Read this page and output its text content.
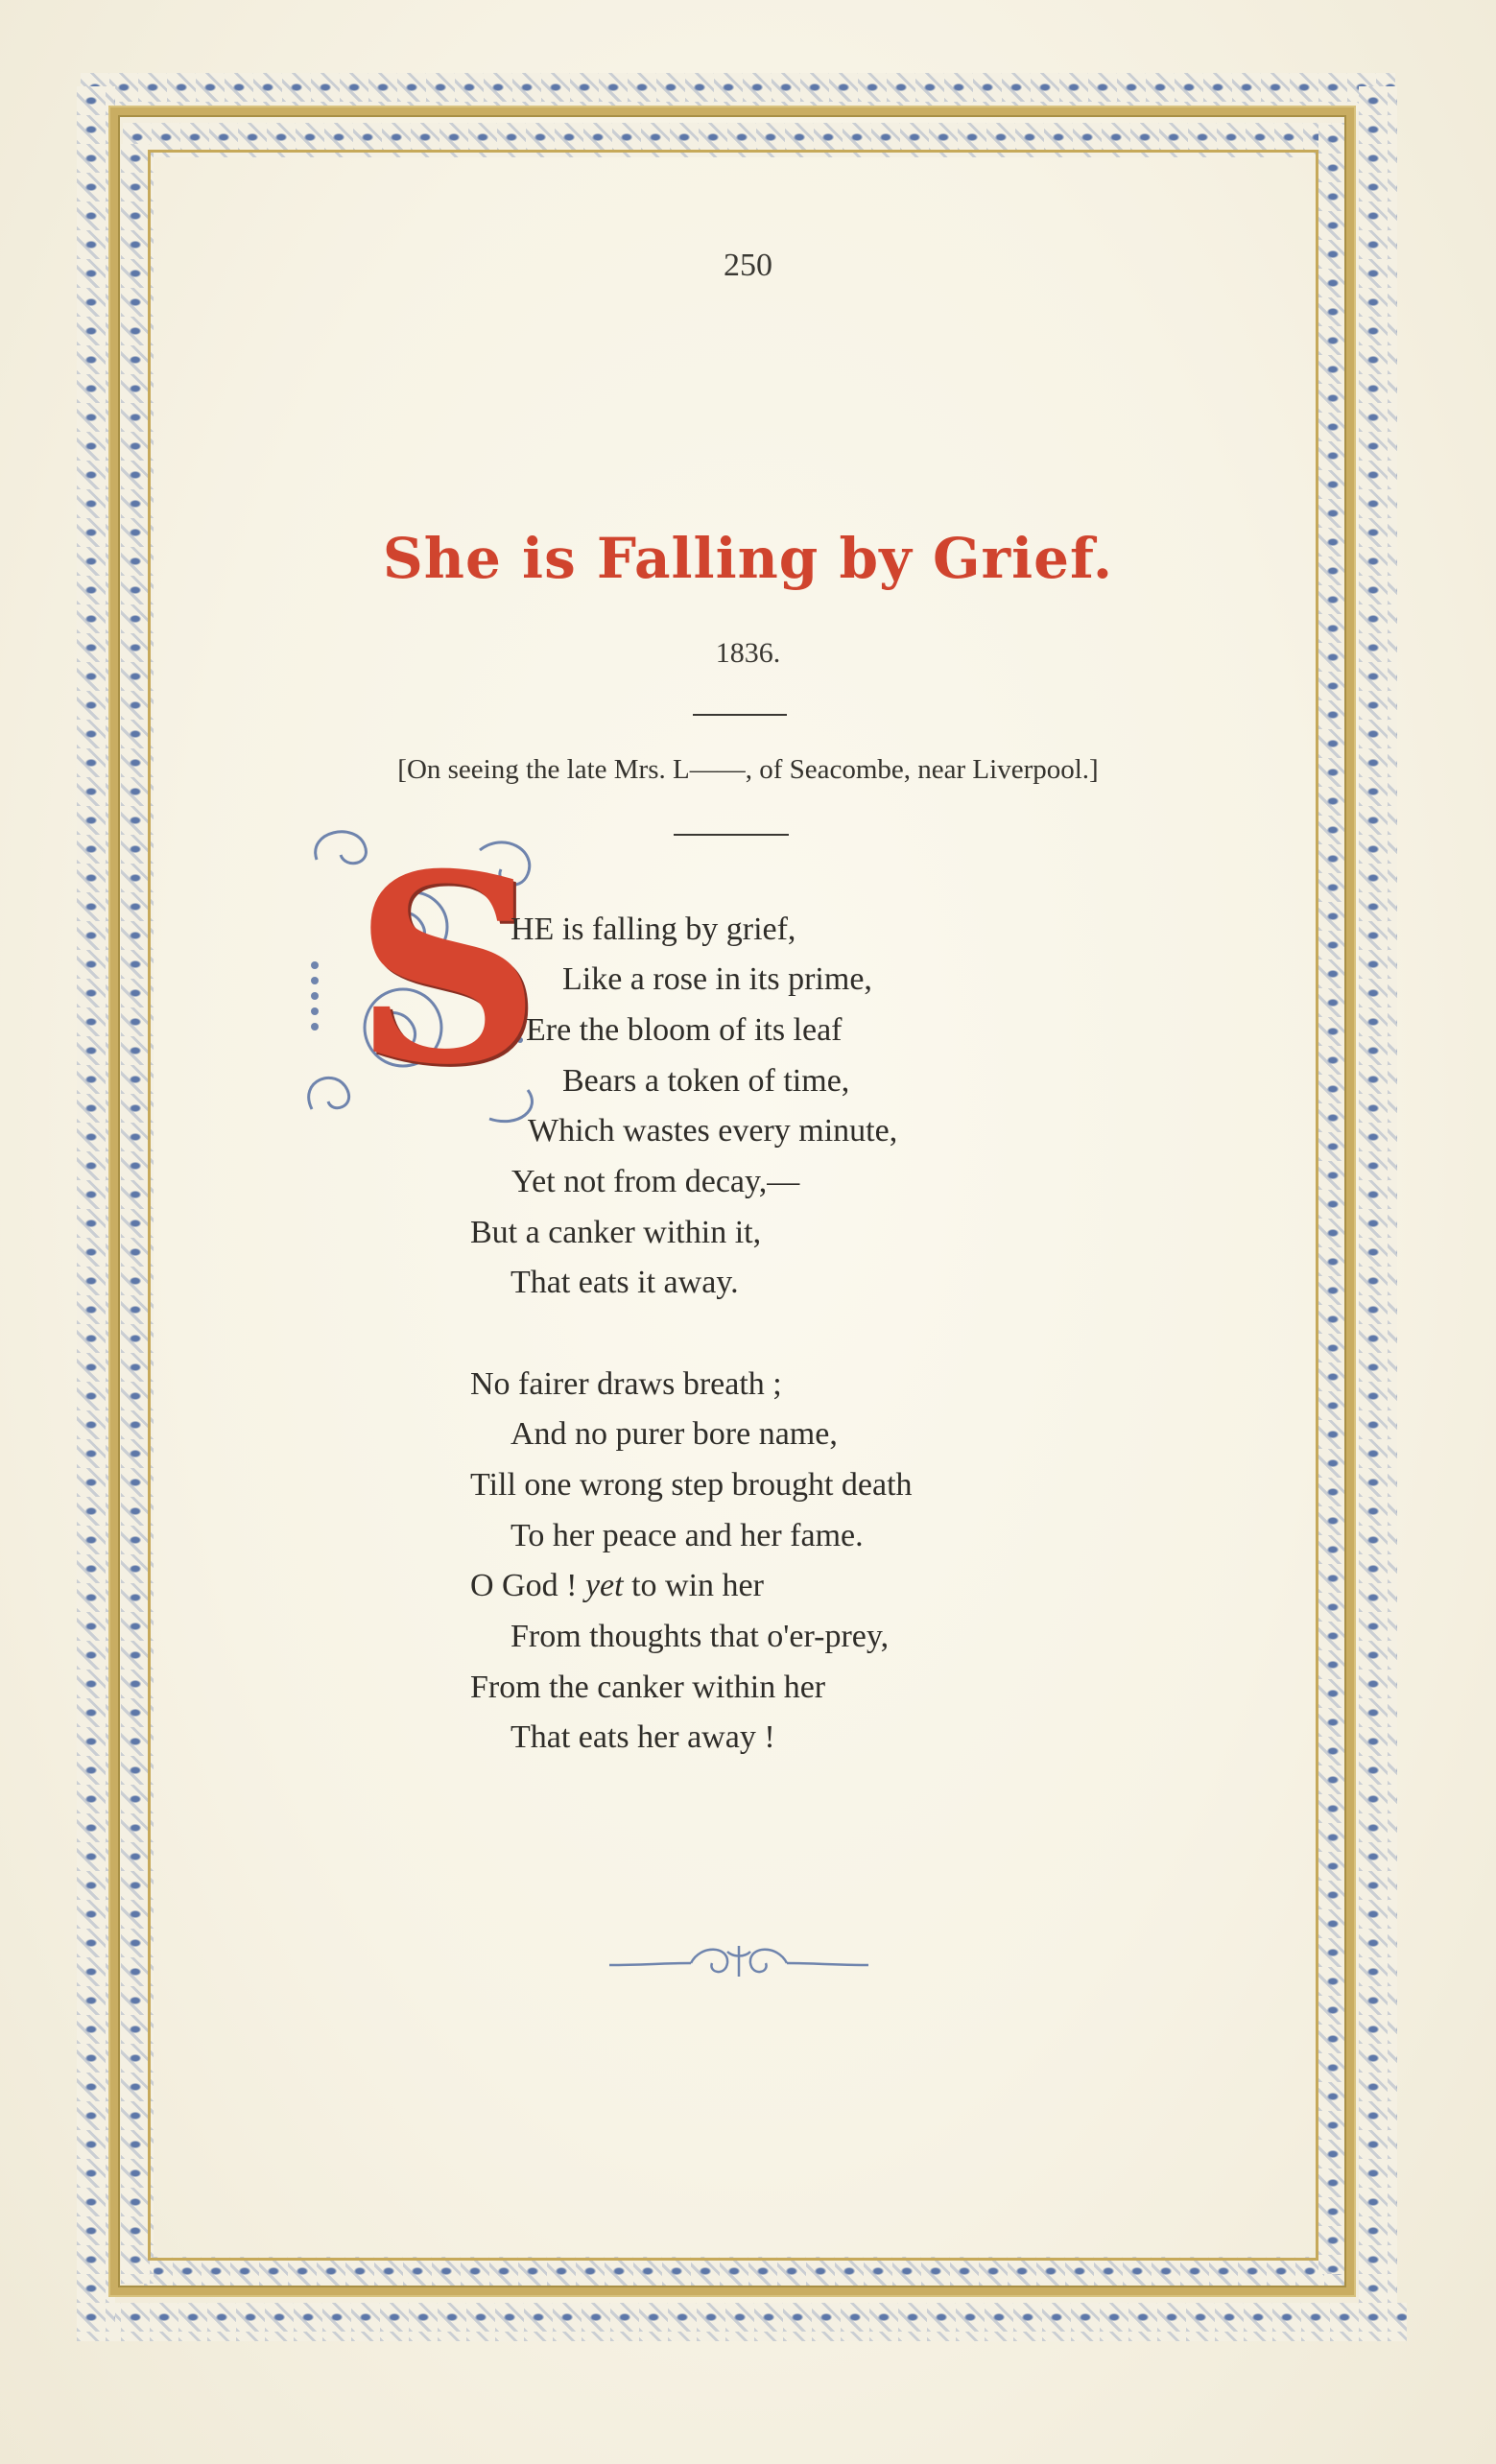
250
She is Falling by Grief.
1836.
[On seeing the late Mrs. L——, of Seacombe, near Liverpool.]
S
HE is falling by grief,
Like a rose in its prime,
Ere the bloom of its leaf
Bears a token of time,
Which wastes every minute,
Yet not from decay,—
But a canker within it,
That eats it away.
No fairer draws breath ;
And no purer bore name,
Till one wrong step brought death
To her peace and her fame.
O God ! yet to win her
From thoughts that o'er-prey,
From the canker within her
That eats her away !
